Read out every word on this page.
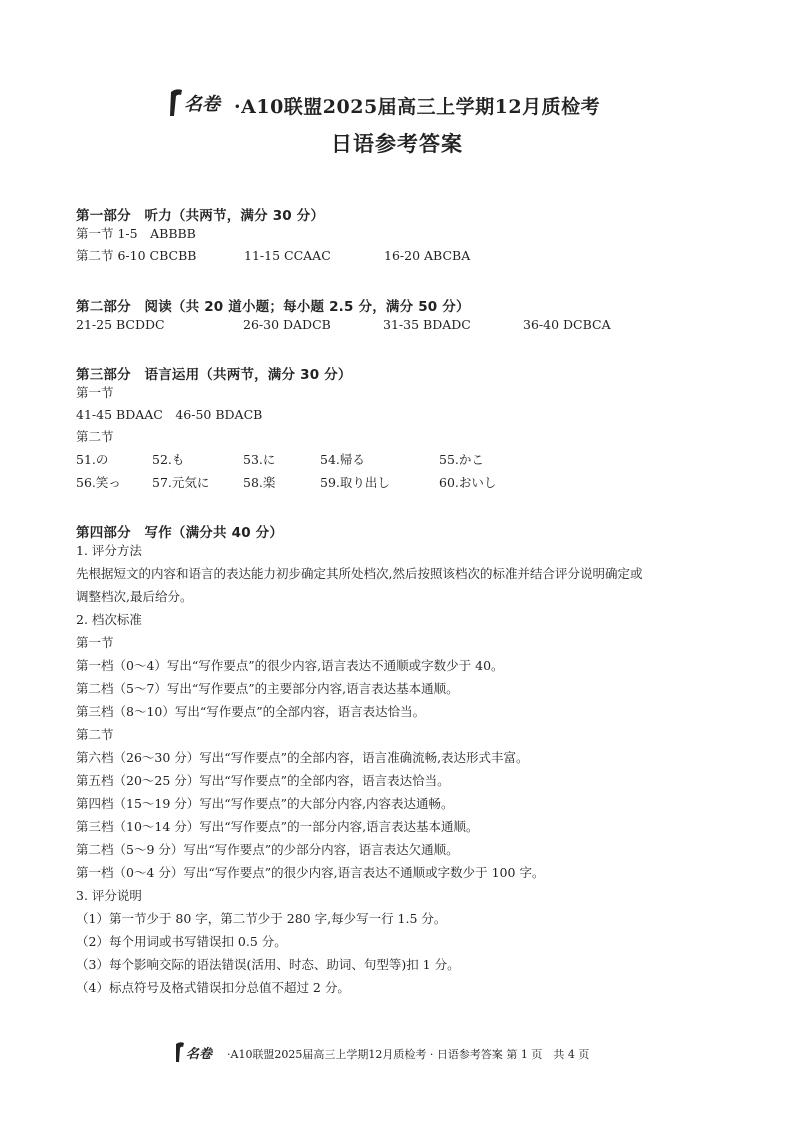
名卷 ·A10联盟2025届高三上学期12月质检考
日语参考答案
第一部分　听力（共两节，满分 30 分）
第一节 1-5　ABBBB
第二节 6-10 CBCBB	11-15 CCAAC	16-20 ABCBA
第二部分　阅读（共 20 道小题；每小题 2.5 分，满分 50 分）
21-25 BCDDC	26-30 DADCB	31-35 BDADC	36-40 DCBCA
第三部分　语言运用（共两节，满分 30 分）
第一节
41-45 BDAAC　46-50 BDACB
第二节
51.の	52.も	53.に	54.帰る	55.かこ
56.笑っ 57.元気に	58.楽	59.取り出し	60.おいし
第四部分　写作（满分共 40 分）
1. 评分方法
先根据短文的内容和语言的表达能力初步确定其所处档次,然后按照该档次的标准并结合评分说明确定或
调整档次,最后给分。
2. 档次标准
第一节
第一档（0～4）写出“写作要点”的很少内容,语言表达不通顺或字数少于 40。
第二档（5～7）写出“写作要点”的主要部分内容,语言表达基本通顺。
第三档（8～10）写出“写作要点”的全部内容，语言表达恰当。
第二节
第六档（26～30 分）写出“写作要点”的全部内容，语言准确流畅,表达形式丰富。
第五档（20～25 分）写出“写作要点”的全部内容，语言表达恰当。
第四档（15～19 分）写出“写作要点”的大部分内容,内容表达通畅。
第三档（10～14 分）写出“写作要点”的一部分内容,语言表达基本通顺。
第二档（5～9 分）写出“写作要点”的少部分内容，语言表达欠通顺。
第一档（0～4 分）写出“写作要点”的很少内容,语言表达不通顺或字数少于 100 字。
3. 评分说明
（1）第一节少于 80 字，第二节少于 280 字,每少写一行 1.5 分。
（2）每个用词或书写错误扣 0.5 分。
（3）每个影响交际的语法错误(活用、时态、助词、句型等)扣 1 分。
（4）标点符号及格式错误扣分总值不超过 2 分。
名卷 ·A10联盟2025届高三上学期12月质检考 · 日语参考答案 第 1 页　共 4 页
